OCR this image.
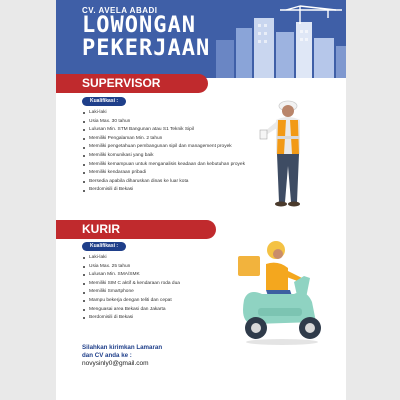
CV. AVELA ABADI
LOWONGAN
PEKERJAAN
SUPERVISOR
Kualifikasi :
Laki-laki
Usia Max. 30 tahun
Lulusan Min. STM Bangunan atau S1 Teknik Sipil
Memiliki Pengalaman Min. 2 tahun
Memiliki pengetahuan pembangunan sipil dan management proyek
Memiliki komunikasi yang baik
Memiliki kemampuan untuk menganalisis keadaan dan kebutuhan proyek
Memiliki kendaraan pribadi
Bersedia apabila diharuskan dinas ke luar kota
Berdomisili di Bekasi
KURIR
Kualifikasi :
Laki-laki
Usia Max. 25 tahun
Lulusan Min. SMA/SMK
Memiliki SIM C aktif & kendaraan roda dua
Memiliki Smartphone
Mampu bekerja dengan teliti dan cepat
Menguasai area Bekasi dan Jakarta
Berdomisili di Bekasi
Silahkan kirimkan Lamaran
dan CV anda ke :
novysinly0@gmail.com
